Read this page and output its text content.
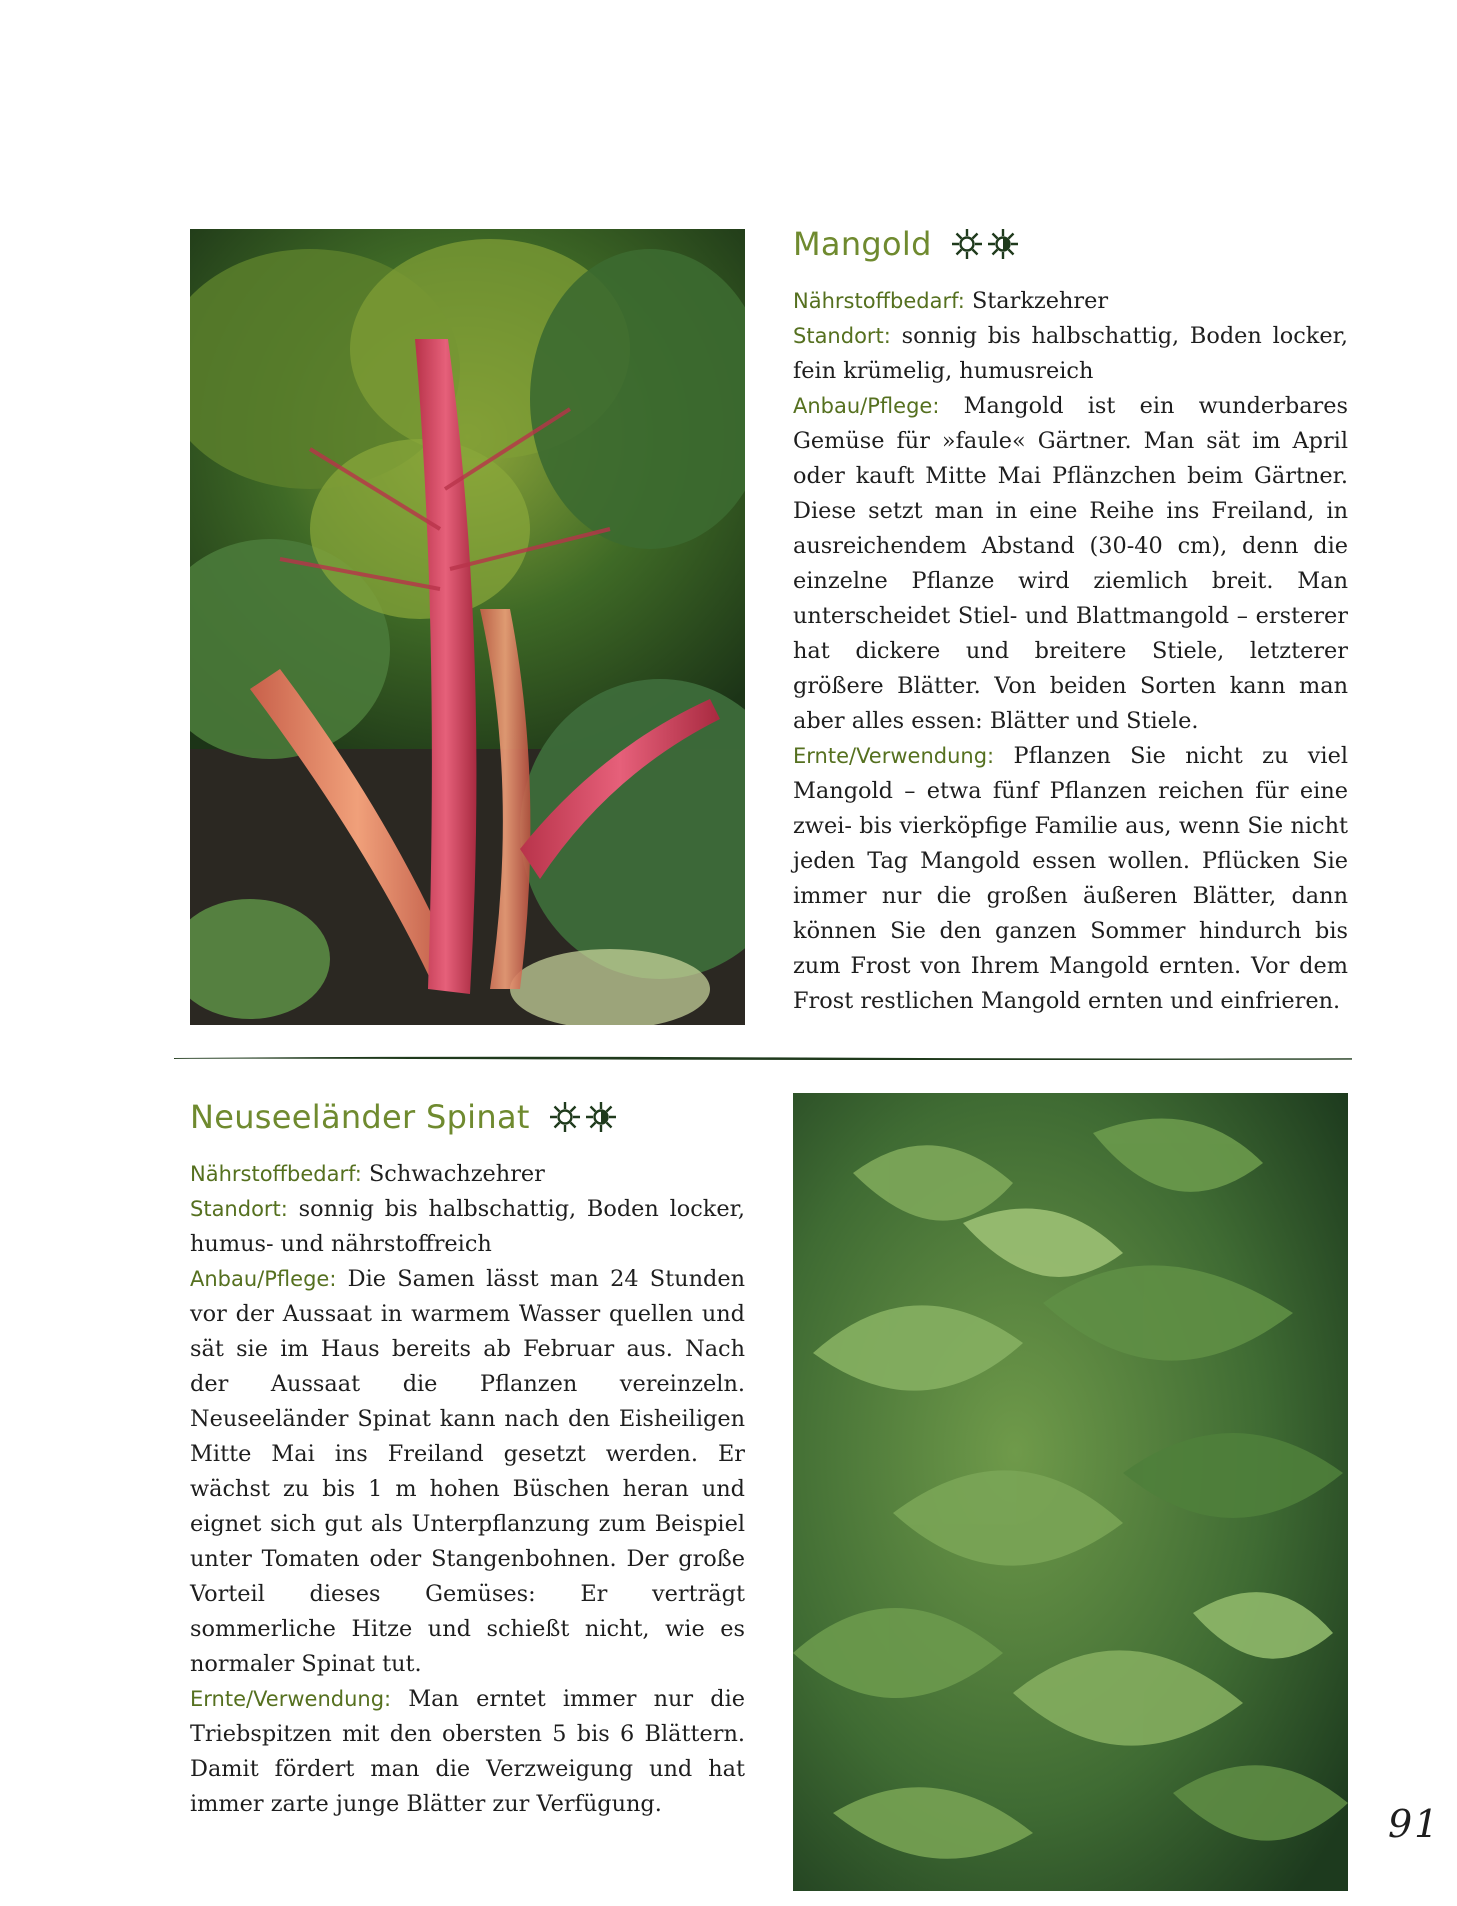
Mangold

Nährstoffbedarf: Starkzehrer

Standort: sonnig bis halbschattig, Boden locker, fein krümelig, humusreich

Anbau/Pflege: Mangold ist ein wunderbares Gemüse für »faule« Gärtner. Man sät im April oder kauft Mitte Mai Pflänzchen beim Gärtner. Diese setzt man in eine Reihe ins Freiland, in ausreichendem Abstand (30-40 cm), denn die einzelne Pflanze wird ziemlich breit. Man unterscheidet Stiel- und Blattmangold – ersterer hat dickere und breitere Stiele, letzterer größere Blätter. Von beiden Sorten kann man aber alles essen: Blätter und Stiele.

Ernte/Verwendung: Pflanzen Sie nicht zu viel Mangold – etwa fünf Pflanzen reichen für eine zwei- bis vierköpfige Familie aus, wenn Sie nicht jeden Tag Mangold essen wollen. Pflücken Sie immer nur die großen äußeren Blätter, dann können Sie den ganzen Sommer hindurch bis zum Frost von Ihrem Mangold ernten. Vor dem Frost restlichen Mangold ernten und einfrieren.

Neuseeländer Spinat

Nährstoffbedarf: Schwachzehrer

Standort: sonnig bis halbschattig, Boden locker, humus- und nährstoffreich

Anbau/Pflege: Die Samen lässt man 24 Stunden vor der Aussaat in warmem Wasser quellen und sät sie im Haus bereits ab Februar aus. Nach der Aussaat die Pflanzen vereinzeln. Neuseeländer Spinat kann nach den Eisheiligen Mitte Mai ins Freiland gesetzt werden. Er wächst zu bis 1 m hohen Büschen heran und eignet sich gut als Unterpflanzung zum Beispiel unter Tomaten oder Stangenbohnen. Der große Vorteil dieses Gemüses: Er verträgt sommerliche Hitze und schießt nicht, wie es normaler Spinat tut.

Ernte/Verwendung: Man erntet immer nur die Triebspitzen mit den obersten 5 bis 6 Blättern. Damit fördert man die Verzweigung und hat immer zarte junge Blätter zur Verfügung.	91
